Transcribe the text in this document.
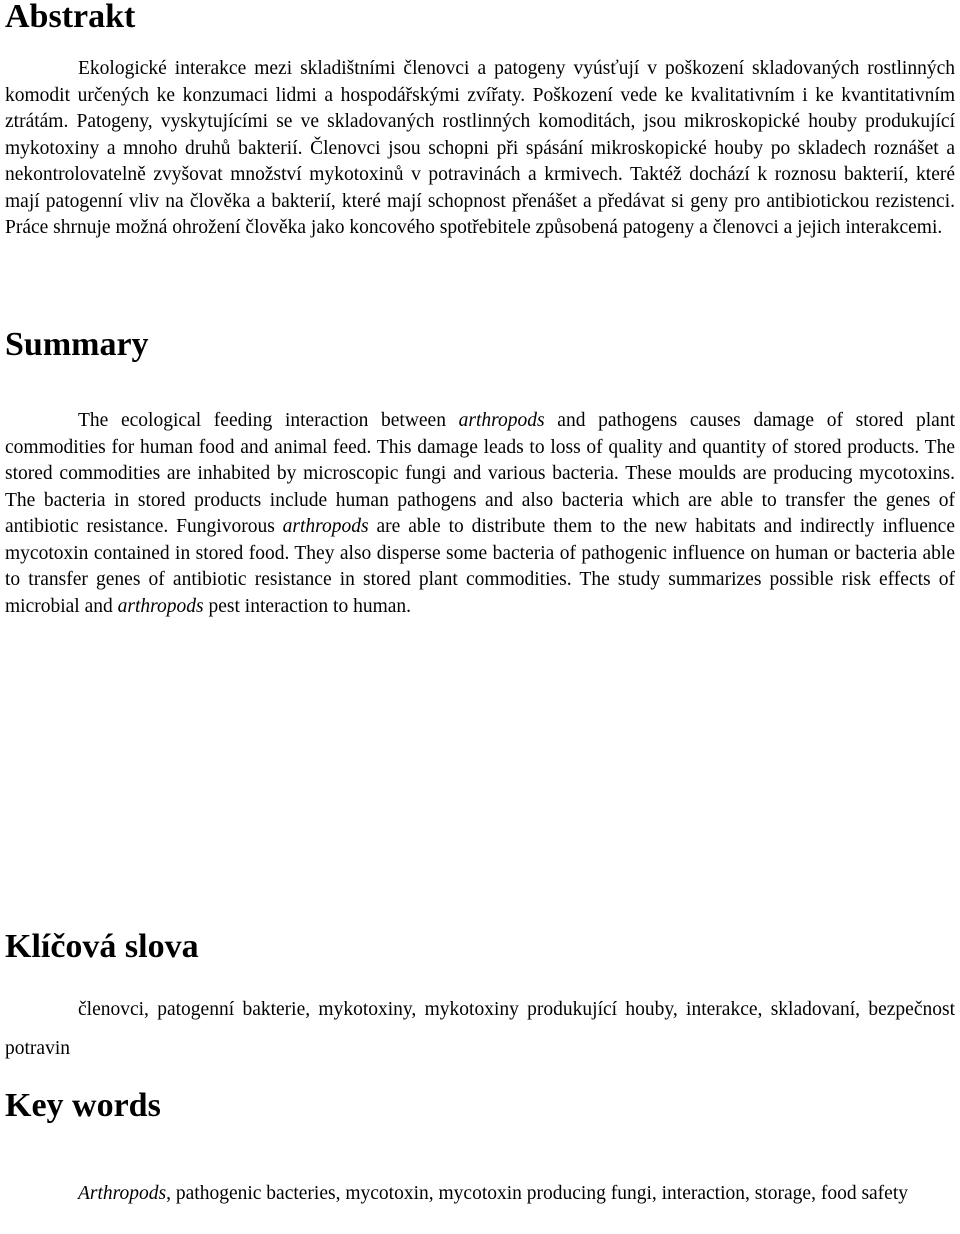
Abstrakt

Ekologické interakce mezi skladištními členovci a patogeny vyúsťují v poškození skladovaných rostlinných komodit určených ke konzumaci lidmi a hospodářskými zvířaty. Poškození vede ke kvalitativním i ke kvantitativním ztrátám. Patogeny, vyskytujícími se ve skladovaných rostlinných komoditách, jsou mikroskopické houby produkující mykotoxiny a mnoho druhů bakterií. Členovci jsou schopni při spásání mikroskopické houby po skladech roznášet a nekontrolovatelně zvyšovat množství mykotoxinů v potravinách a krmivech. Taktéž dochází k roznosu bakterií, které mají patogenní vliv na člověka a bakterií, které mají schopnost přenášet a předávat si geny pro antibiotickou rezistenci. Práce shrnuje možná ohrožení člověka jako koncového spotřebitele způsobená patogeny a členovci a jejich interakcemi.

Summary

The ecological feeding interaction between arthropods and pathogens causes damage of stored plant commodities for human food and animal feed. This damage leads to loss of quality and quantity of stored products. The stored commodities are inhabited by microscopic fungi and various bacteria. These moulds are producing mycotoxins. The bacteria in stored products include human pathogens and also bacteria which are able to transfer the genes of antibiotic resistance. Fungivorous arthropods are able to distribute them to the new habitats and indirectly influence mycotoxin contained in stored food. They also disperse some bacteria of pathogenic influence on human or bacteria able to transfer genes of antibiotic resistance in stored plant commodities. The study summarizes possible risk effects of microbial and arthropods pest interaction to human.

Klíčová slova

členovci, patogenní bakterie, mykotoxiny, mykotoxiny produkující houby, interakce, skladovaní, bezpečnost potravin

Key words

Arthropods, pathogenic bacteries, mycotoxin, mycotoxin producing fungi, interaction, storage, food safety
